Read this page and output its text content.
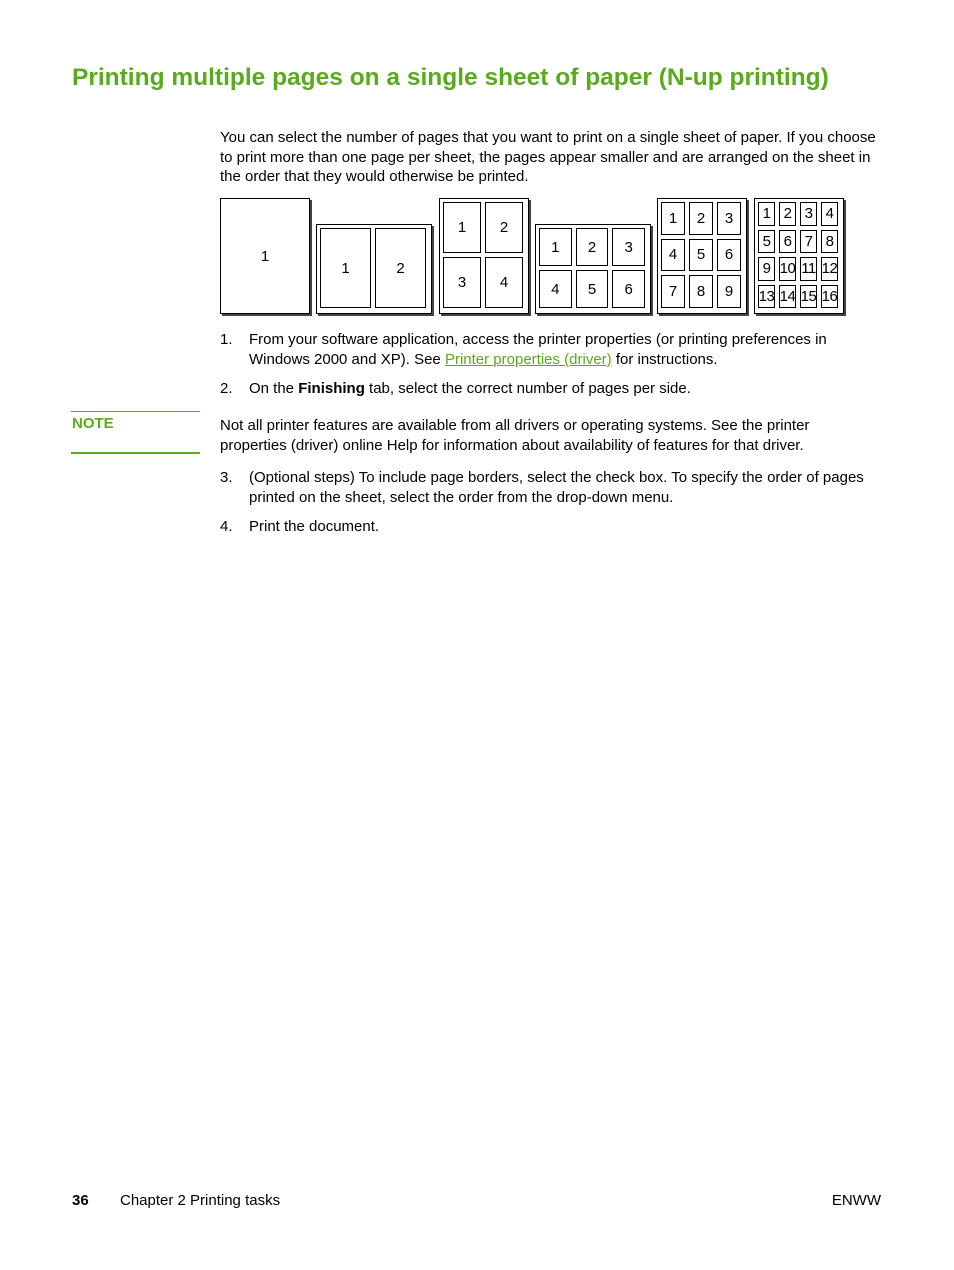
Printing multiple pages on a single sheet of paper (N-up printing)

You can select the number of pages that you want to print on a single sheet of paper. If you choose to print more than one page per sheet, the pages appear smaller and are arranged on the sheet in the order that they would otherwise be printed.

1
1	2
1	2
3	4
1	2	3
4	5	6
1	2	3
4	5	6
7	8	9
1 2 3 4
5 6 7 8
9 10 11 12
13 14 15 16
1. From your software application, access the printer properties (or printing preferences in Windows 2000 and XP). See Printer properties (driver) for instructions.
2. On the Finishing tab, select the correct number of pages per side.
NOTE	Not all printer features are available from all drivers or operating systems. See the printer properties (driver) online Help for information about availability of features for that driver.

3. (Optional steps) To include page borders, select the check box. To specify the order of pages printed on the sheet, select the order from the drop-down menu.
4. Print the document.
36 Chapter 2 Printing tasks	ENWW
